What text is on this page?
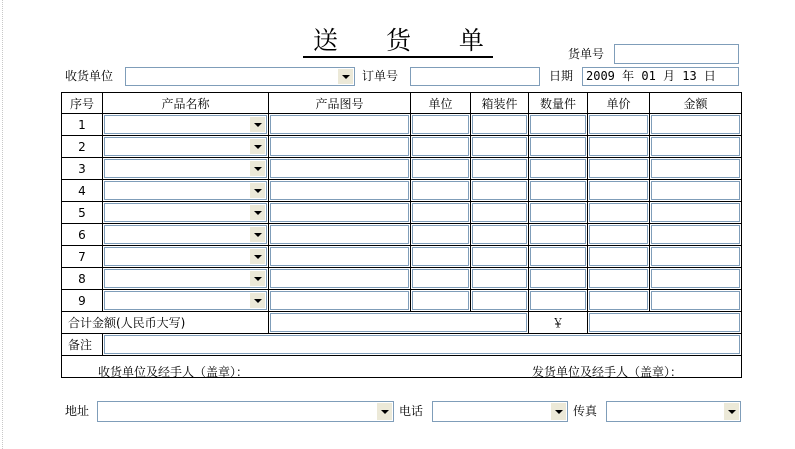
送 货 单	货单号
收货单位	订单号	日期	2009 年 01 月 13 日
序号	产品名称	产品图号	单位	箱装件	数量件	单价	金额
1	

2	

3	

4	

5	

6	

7	

8	

9	

合计金额(人民币大写)					￥		

备注							

收货单位及经手人（盖章）： 发货单位及经手人（盖章）：							
地址	电话	传真
